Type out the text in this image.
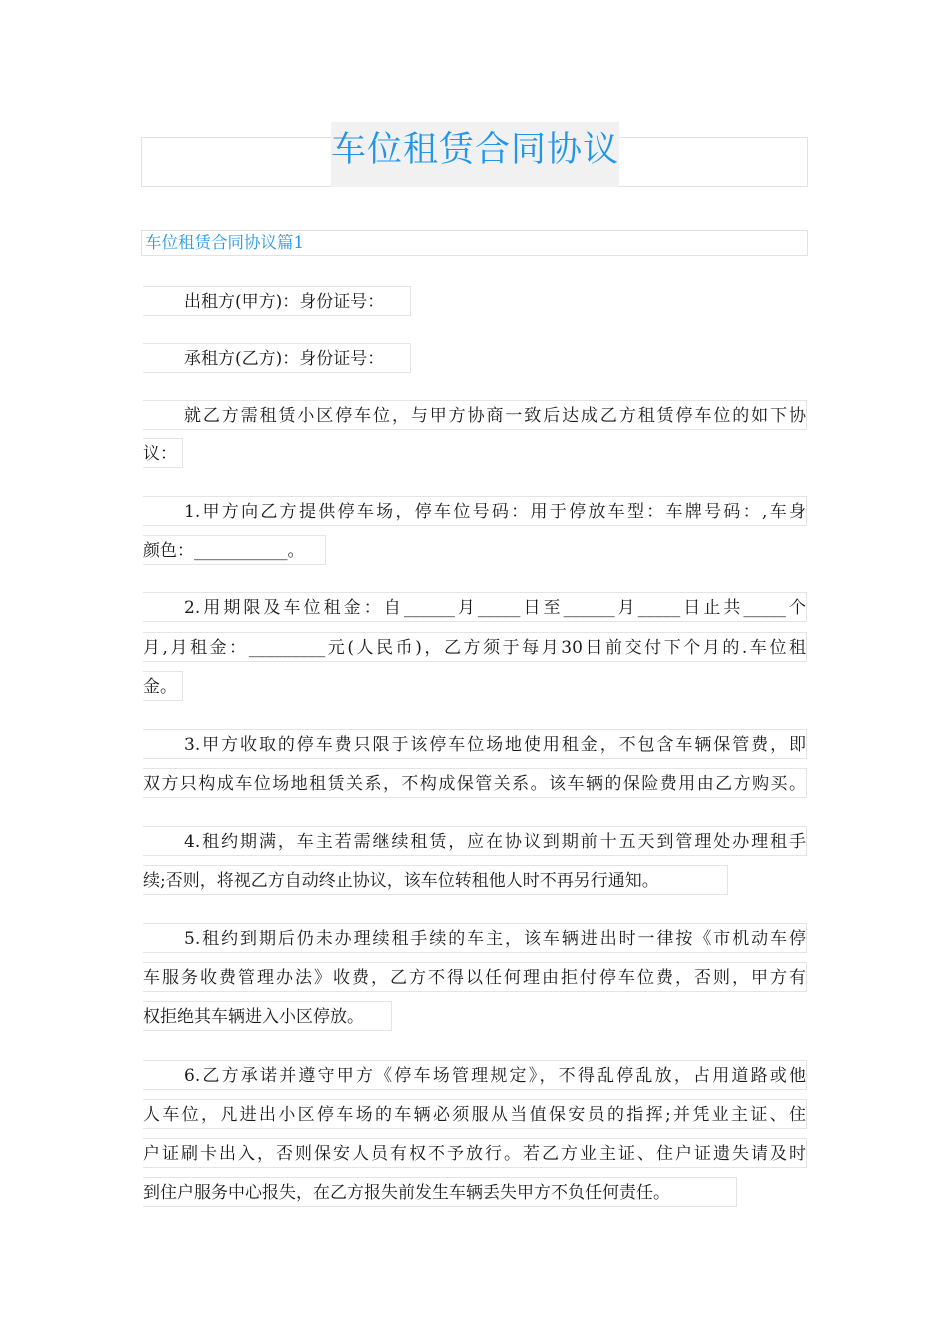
车位租赁合同协议
车位租赁合同协议篇1
出租方(甲方)：身份证号：
承租方(乙方)：身份证号：
就乙方需租赁小区停车位，与甲方协商一致后达成乙方租赁停车位的如下协
议：
1.甲方向乙方提供停车场，停车位号码：用于停放车型：车牌号码：,车身
颜色：___________。
2.用期限及车位租金：自______月_____日至______月_____日止共_____个
月,月租金：_________元(人民币)，乙方须于每月30日前交付下个月的.车位租
金。
3.甲方收取的停车费只限于该停车位场地使用租金，不包含车辆保管费，即
双方只构成车位场地租赁关系，不构成保管关系。该车辆的保险费用由乙方购买。
4.租约期满，车主若需继续租赁，应在协议到期前十五天到管理处办理租手
续;否则，将视乙方自动终止协议，该车位转租他人时不再另行通知。
5.租约到期后仍未办理续租手续的车主，该车辆进出时一律按《市机动车停
车服务收费管理办法》收费，乙方不得以任何理由拒付停车位费，否则，甲方有
权拒绝其车辆进入小区停放。
6.乙方承诺并遵守甲方《停车场管理规定》，不得乱停乱放，占用道路或他
人车位，凡进出小区停车场的车辆必须服从当值保安员的指挥;并凭业主证、住
户证刷卡出入，否则保安人员有权不予放行。若乙方业主证、住户证遗失请及时
到住户服务中心报失，在乙方报失前发生车辆丢失甲方不负任何责任。
